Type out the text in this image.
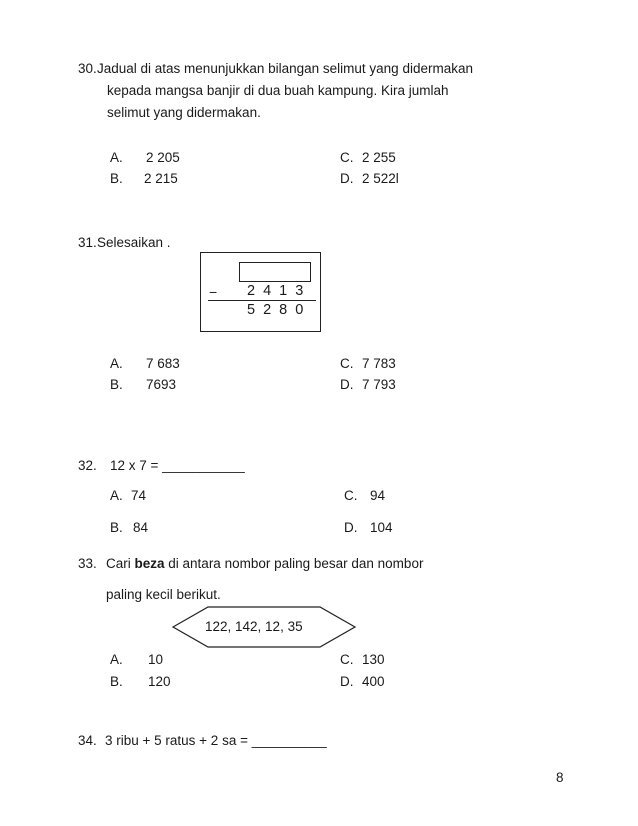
30. Jadual di atas menunjukkan bilangan selimut yang didermakan
kepada mangsa banjir di dua buah kampung. Kira jumlah
selimut yang didermakan.
A. 2 205
B. 2 215
C. 2 255
D. 2 522l
31. Selesaikan .
− 2 4 1 3
5 2 8 0
A. 7 683
B. 7693
C. 7 783
D. 7 793
32. 12 x 7 = ___________
A. 74
B. 84
C. 94
D. 104
33. Cari beza di antara nombor paling besar dan nombor
paling kecil berikut.
122, 142, 12, 35
A. 10
B. 120
C. 130
D. 400
34. 3 ribu + 5 ratus + 2 sa = __________
8
